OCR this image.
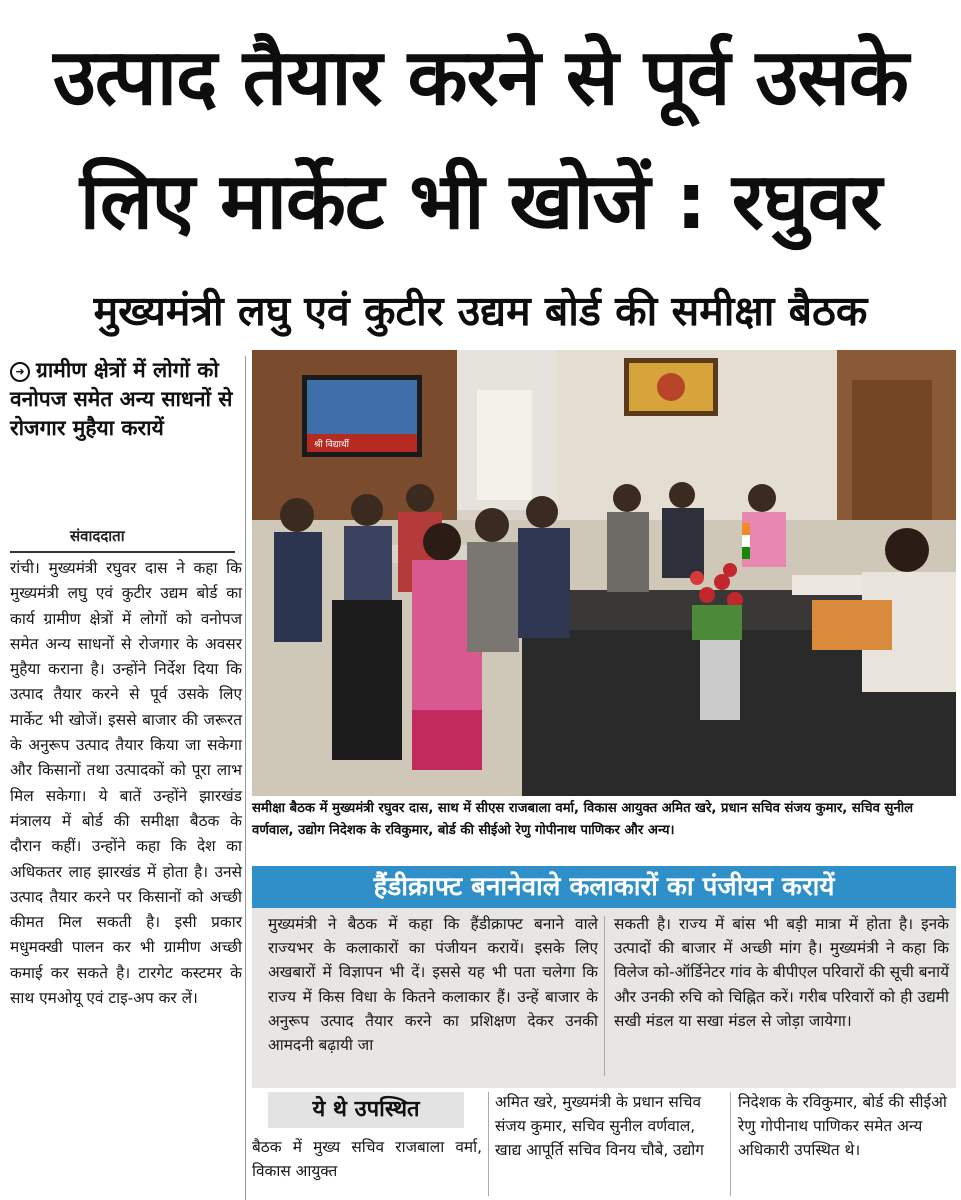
उत्पाद तैयार करने से पूर्व उसके
लिए मार्केट भी खोजें : रघुवर
मुख्यमंत्री लघु एवं कुटीर उद्यम बोर्ड की समीक्षा बैठक
➜ ग्रामीण क्षेत्रों में लोगों को वनोपज समेत अन्य साधनों से रोजगार मुहैया करायें
संवाददाता
रांची। मुख्यमंत्री रघुवर दास ने कहा कि मुख्यमंत्री लघु एवं कुटीर उद्यम बोर्ड का कार्य ग्रामीण क्षेत्रों में लोगों को वनोपज समेत अन्य साधनों से रोजगार के अवसर मुहैया कराना है। उन्होंने निर्देश दिया कि उत्पाद तैयार करने से पूर्व उसके लिए मार्केट भी खोजें। इससे बाजार की जरूरत के अनुरूप उत्पाद तैयार किया जा सकेगा और किसानों तथा उत्पादकों को पूरा लाभ मिल सकेगा। ये बातें उन्होंने झारखंड मंत्रालय में बोर्ड की समीक्षा बैठक के दौरान कहीं। उन्होंने कहा कि देश का अधिकतर लाह झारखंड में होता है। उनसे उत्पाद तैयार करने पर किसानों को अच्छी कीमत मिल सकती है। इसी प्रकार मधुमक्खी पालन कर भी ग्रामीण अच्छी कमाई कर सकते है। टारगेट कस्टमर के साथ एमओयू एवं टाइ-अप कर लें।
श्री विद्यार्थी
समीक्षा बैठक में मुख्यमंत्री रघुवर दास, साथ में सीएस राजबाला वर्मा, विकास आयुक्त अमित खरे, प्रधान सचिव संजय कुमार, सचिव सुनील वर्णवाल, उद्योग निदेशक के रविकुमार, बोर्ड की सीईओ रेणु गोपीनाथ पाणिकर और अन्य।
हैंडीक्राफ्ट बनानेवाले कलाकारों का पंजीयन करायें
मुख्यमंत्री ने बैठक में कहा कि हैंडीक्राफ्ट बनाने वाले राज्यभर के कलाकारों का पंजीयन करायें। इसके लिए अखबारों में विज्ञापन भी दें। इससे यह भी पता चलेगा कि राज्य में किस विधा के कितने कलाकार हैं। उन्हें बाजार के अनुरूप उत्पाद तैयार करने का प्रशिक्षण देकर उनकी आमदनी बढ़ायी जा
सकती है। राज्य में बांस भी बड़ी मात्रा में होता है। इनके उत्पादों की बाजार में अच्छी मांग है। मुख्यमंत्री ने कहा कि विलेज को-ऑर्डिनेटर गांव के बीपीएल परिवारों की सूची बनायें और उनकी रुचि को चिह्नित करें। गरीब परिवारों को ही उद्यमी सखी मंडल या सखा मंडल से जोड़ा जायेगा।
ये थे उपस्थित
बैठक में मुख्य सचिव राजबाला वर्मा, विकास आयुक्त
अमित खरे, मुख्यमंत्री के प्रधान सचिव संजय कुमार, सचिव सुनील वर्णवाल, खाद्य आपूर्ति सचिव विनय चौबे, उद्योग
निदेशक के रविकुमार, बोर्ड की सीईओ रेणु गोपीनाथ पाणिकर समेत अन्य अधिकारी उपस्थित थे।
